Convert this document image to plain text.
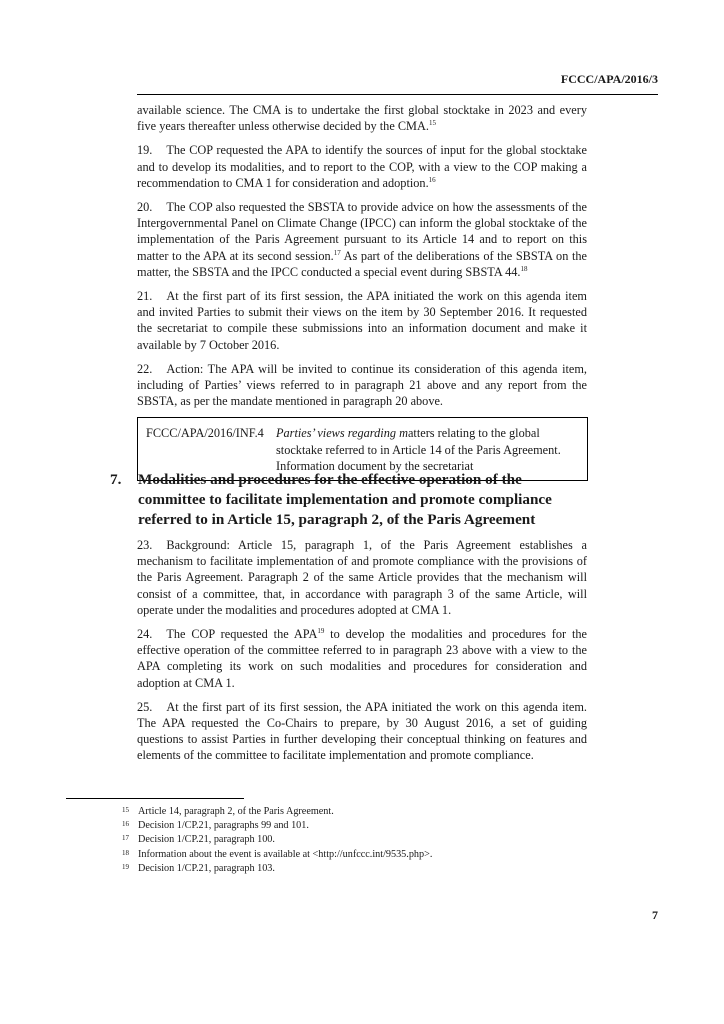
FCCC/APA/2016/3

available science. The CMA is to undertake the first global stocktake in 2023 and every five years thereafter unless otherwise decided by the CMA.$^{15}$

19. The COP requested the APA to identify the sources of input for the global stocktake and to develop its modalities, and to report to the COP, with a view to the COP making a recommendation to CMA 1 for consideration and adoption.$^{16}$

20. The COP also requested the SBSTA to provide advice on how the assessments of the Intergovernmental Panel on Climate Change (IPCC) can inform the global stocktake of the implementation of the Paris Agreement pursuant to its Article 14 and to report on this matter to the APA at its second session.$^{17}$ As part of the deliberations of the SBSTA on the matter, the SBSTA and the IPCC conducted a special event during SBSTA 44.18

21. At the first part of its first session, the APA initiated the work on this agenda item and invited Parties to submit their views on the item by 30 September 2016. It requested the secretariat to compile these submissions into an information document and make it available by 7 October 2016.

22. Action: The APA will be invited to continue its consideration of this agenda item, including of Parties’ views referred to in paragraph 21 above and any report from the SBSTA, as per the mandate mentioned in paragraph 20 above.

FCCC/APA/2016/INF.4 Parties’ views regarding matters relating to the global stocktake referred to in Article 14 of the Paris Agreement.
Information document by the secretariat
7.	Modalities and procedures for the effective operation of the committee to facilitate implementation and promote compliance referred to in Article 15, paragraph 2, of the Paris Agreement

23. Background: Article 15, paragraph 1, of the Paris Agreement establishes a mechanism to facilitate implementation of and promote compliance with the provisions of the Paris Agreement. Paragraph 2 of the same Article provides that the mechanism will consist of a committee, that, in accordance with paragraph 3 of the same Article, will operate under the modalities and procedures adopted at CMA 1.

24. The COP requested the APA$^{19}$ to develop the modalities and procedures for the effective operation of the committee referred to in paragraph 23 above with a view to the APA completing its work on such modalities and procedures for consideration and adoption at CMA 1.

25. At the first part of its first session, the APA initiated the work on this agenda item. The APA requested the Co-Chairs to prepare, by 30 August 2016, a set of guiding questions to assist Parties in further developing their conceptual thinking on features and elements of the committee to facilitate implementation and promote compliance.

15 Article 14, paragraph 2, of the Paris Agreement.
16 Decision 1/CP.21, paragraphs 99 and 101.
17 Decision 1/CP.21, paragraph 100.
18 Information about the event is available at <http://unfccc.int/9535.php>.
19 Decision 1/CP.21, paragraph 103.
7
